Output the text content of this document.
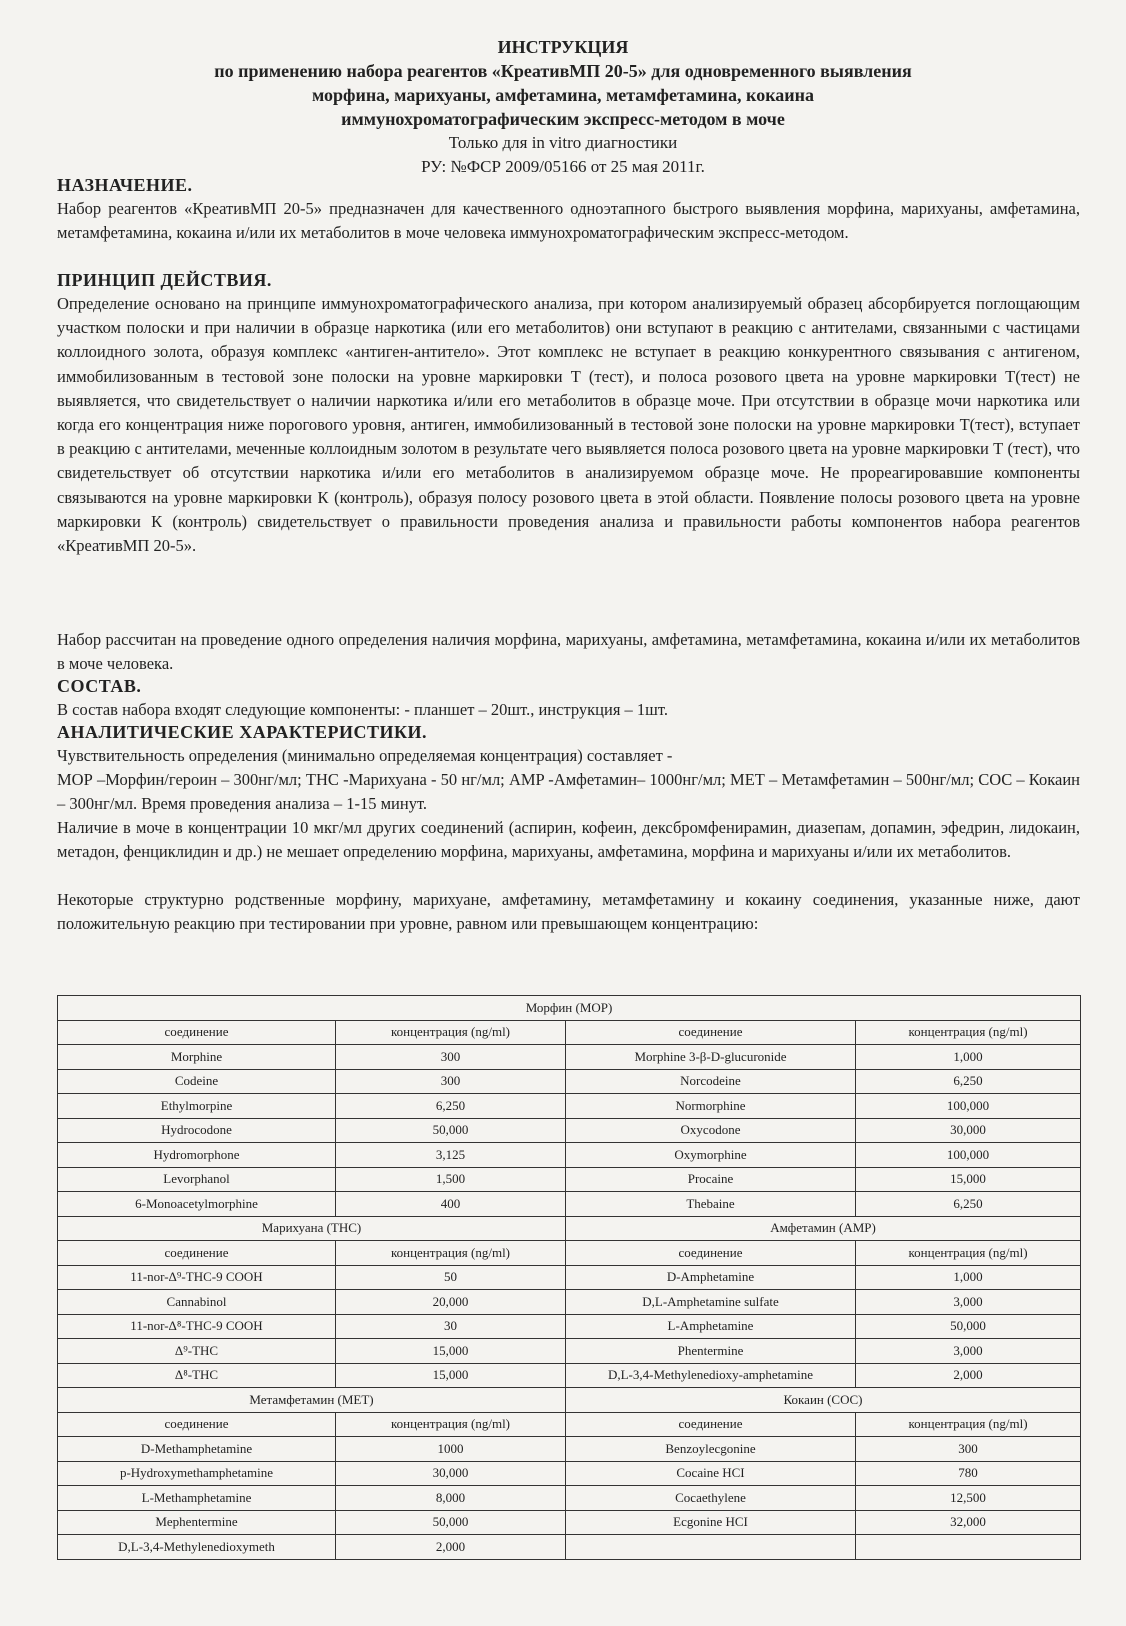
ИНСТРУКЦИЯ
по применению набора реагентов «КреативМП 20-5» для одновременного выявления
морфина, марихуаны, амфетамина, метамфетамина, кокаина
иммунохроматографическим экспресс-методом в моче
Только для in vitro диагностики
РУ: №ФСР 2009/05166 от 25 мая 2011г.
НАЗНАЧЕНИЕ.

Набор реагентов «КреативМП 20-5» предназначен для качественного одноэтапного быстрого выявления морфина, марихуаны, амфетамина, метамфетамина, кокаина и/или их метаболитов в моче человека иммунохроматографическим экспресс-методом.

ПРИНЦИП ДЕЙСТВИЯ.

Определение основано на принципе иммунохроматографического анализа, при котором анализируемый образец абсорбируется поглощающим участком полоски и при наличии в образце наркотика (или его метаболитов) они вступают в реакцию с антителами, связанными с частицами коллоидного золота, образуя комплекс «антиген-антитело». Этот комплекс не вступает в реакцию конкурентного связывания с антигеном, иммобилизованным в тестовой зоне полоски на уровне маркировки Т (тест), и полоса розового цвета на уровне маркировки Т(тест) не выявляется, что свидетельствует о наличии наркотика и/или его метаболитов в образце моче. При отсутствии в образце мочи наркотика или когда его концентрация ниже порогового уровня, антиген, иммобилизованный в тестовой зоне полоски на уровне маркировки Т(тест), вступает в реакцию с антителами, меченные коллоидным золотом в результате чего выявляется полоса розового цвета на уровне маркировки Т (тест), что свидетельствует об отсутствии наркотика и/или его метаболитов в анализируемом образце моче. Не прореагировавшие компоненты связываются на уровне маркировки К (контроль), образуя полосу розового цвета в этой области. Появление полосы розового цвета на уровне маркировки К (контроль) свидетельствует о правильности проведения анализа и правильности работы компонентов набора реагентов «КреативМП 20-5».

Набор рассчитан на проведение одного определения наличия морфина, марихуаны, амфетамина, метамфетамина, кокаина и/или их метаболитов в моче человека.

СОСТАВ.

В состав набора входят следующие компоненты: - планшет – 20шт., инструкция – 1шт.

АНАЛИТИЧЕСКИЕ ХАРАКТЕРИСТИКИ.

Чувствительность определения (минимально определяемая концентрация) составляет -

МОР –Морфин/героин – 300нг/мл; THC -Марихуана - 50 нг/мл; AMP -Амфетамин– 1000нг/мл; МЕТ – Метамфетамин – 500нг/мл; COC – Кокаин – 300нг/мл. Время проведения анализа – 1-15 минут.

Наличие в моче в концентрации 10 мкг/мл других соединений (аспирин, кофеин, дексбромфенирамин, диазепам, допамин, эфедрин, лидокаин, метадон, фенциклидин и др.) не мешает определению морфина, марихуаны, амфетамина, морфина и марихуаны и/или их метаболитов.

Некоторые структурно родственные морфину, марихуане, амфетамину, метамфетамину и кокаину соединения, указанные ниже, дают положительную реакцию при тестировании при уровне, равном или превышающем концентрацию:

Морфин (MOP)			
соединение	концентрация (ng/ml)	соединение	концентрация (ng/ml)
Morphine	300	Morphine 3-β-D-glucuronide	1,000
Codeine	300	Norcodeine	6,250
Ethylmorpine	6,250	Normorphine	100,000
Hydrocodone	50,000	Oxycodone	30,000
Hydromorphone	3,125	Oxymorphine	100,000
Levorphanol	1,500	Procaine	15,000
6-Monoacetylmorphine	400	Thebaine	6,250
Марихуана (THC)		Амфетамин (AMP)	
соединение	концентрация (ng/ml)	соединение	концентрация (ng/ml)
11-nor-Δ⁹-THC-9 COOH	50	D-Amphetamine	1,000
Cannabinol	20,000	D,L-Amphetamine sulfate	3,000
11-nor-Δ⁸-THC-9 COOH	30	L-Amphetamine	50,000
Δ⁹-THC	15,000	Phentermine	3,000
Δ⁸-THC	15,000	D,L-3,4-Methylenedioxy-amphetamine	2,000
Метамфетамин (МЕТ)		Кокаин (COC)	
соединение	концентрация (ng/ml)	соединение	концентрация (ng/ml)
D-Methamphetamine	1000	Benzoylecgonine	300
p-Hydroxymethamphetamine	30,000	Cocaine HCI	780
L-Methamphetamine	8,000	Cocaethylene	12,500
Mephentermine	50,000	Ecgonine HCI	32,000
D,L-3,4-Methylenedioxymeth	2,000		
